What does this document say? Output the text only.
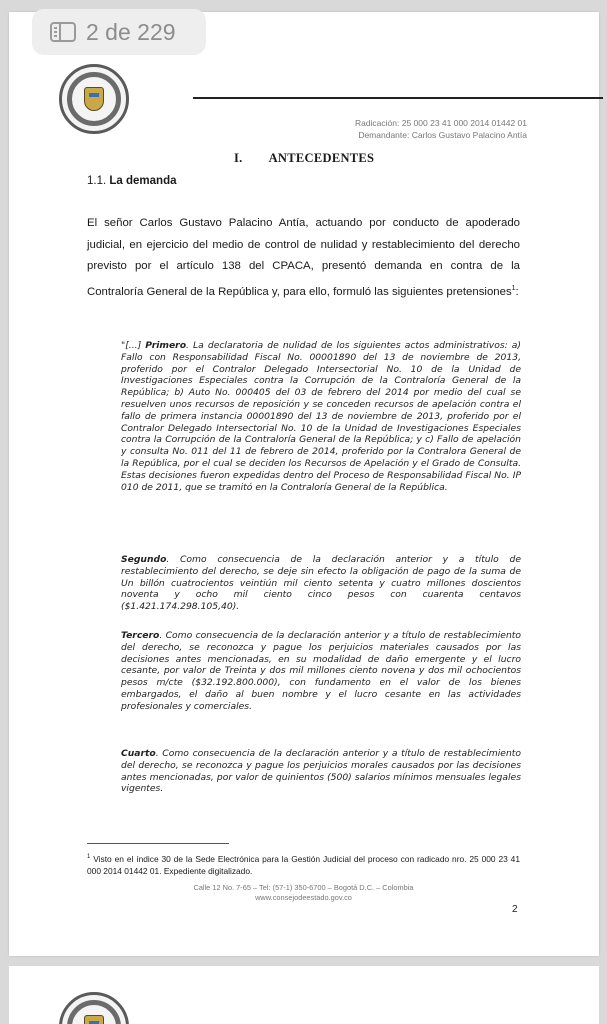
2 de 229
Radicación: 25 000 23 41 000 2014 01442 01
Demandante: Carlos Gustavo Palacino Antía
I. ANTECEDENTES
1.1. La demanda
El señor Carlos Gustavo Palacino Antía, actuando por conducto de apoderado judicial, en ejercicio del medio de control de nulidad y restablecimiento del derecho previsto por el artículo 138 del CPACA, presentó demanda en contra de la Contraloría General de la República y, para ello, formuló las siguientes pretensiones$^1$:
"[...] Primero. La declaratoria de nulidad de los siguientes actos administrativos: a) Fallo con Responsabilidad Fiscal No. 00001890 del 13 de noviembre de 2013, proferido por el Contralor Delegado Intersectorial No. 10 de la Unidad de Investigaciones Especiales contra la Corrupción de la Contraloría General de la República; b) Auto No. 000405 del 03 de febrero del 2014 por medio del cual se resuelven unos recursos de reposición y se conceden recursos de apelación contra el fallo de primera instancia 00001890 del 13 de noviembre de 2013, proferido por el Contralor Delegado Intersectorial No. 10 de la Unidad de Investigaciones Especiales contra la Corrupción de la Contraloría General de la República; y c) Fallo de apelación y consulta No. 011 del 11 de febrero de 2014, proferido por la Contralora General de la República, por el cual se deciden los Recursos de Apelación y el Grado de Consulta. Estas decisiones fueron expedidas dentro del Proceso de Responsabilidad Fiscal No. IP 010 de 2011, que se tramitó en la Contraloría General de la República.
Segundo. Como consecuencia de la declaración anterior y a título de restablecimiento del derecho, se deje sin efecto la obligación de pago de la suma de Un billón cuatrocientos veintiún mil ciento setenta y cuatro millones doscientos noventa y ocho mil ciento cinco pesos con cuarenta centavos ($1.421.174.298.105,40).
Tercero. Como consecuencia de la declaración anterior y a título de restablecimiento del derecho, se reconozca y pague los perjuicios materiales causados por las decisiones antes mencionadas, en su modalidad de daño emergente y el lucro cesante, por valor de Treinta y dos mil millones ciento novena y dos mil ochocientos pesos m/cte ($32.192.800.000), con fundamento en el valor de los bienes embargados, el daño al buen nombre y el lucro cesante en las actividades profesionales y comerciales.
Cuarto. Como consecuencia de la declaración anterior y a título de restablecimiento del derecho, se reconozca y pague los perjuicios morales causados por las decisiones antes mencionadas, por valor de quinientos (500) salarios mínimos mensuales legales vigentes.
$^1$ Visto en el índice 30 de la Sede Electrónica para la Gestión Judicial del proceso con radicado nro. 25 000 23 41 000 2014 01442 01. Expediente digitalizado.
Calle 12 No. 7-65 – Tel: (57-1) 350-6700 – Bogotá D.C. – Colombia
www.consejodeestado.gov.co
2
